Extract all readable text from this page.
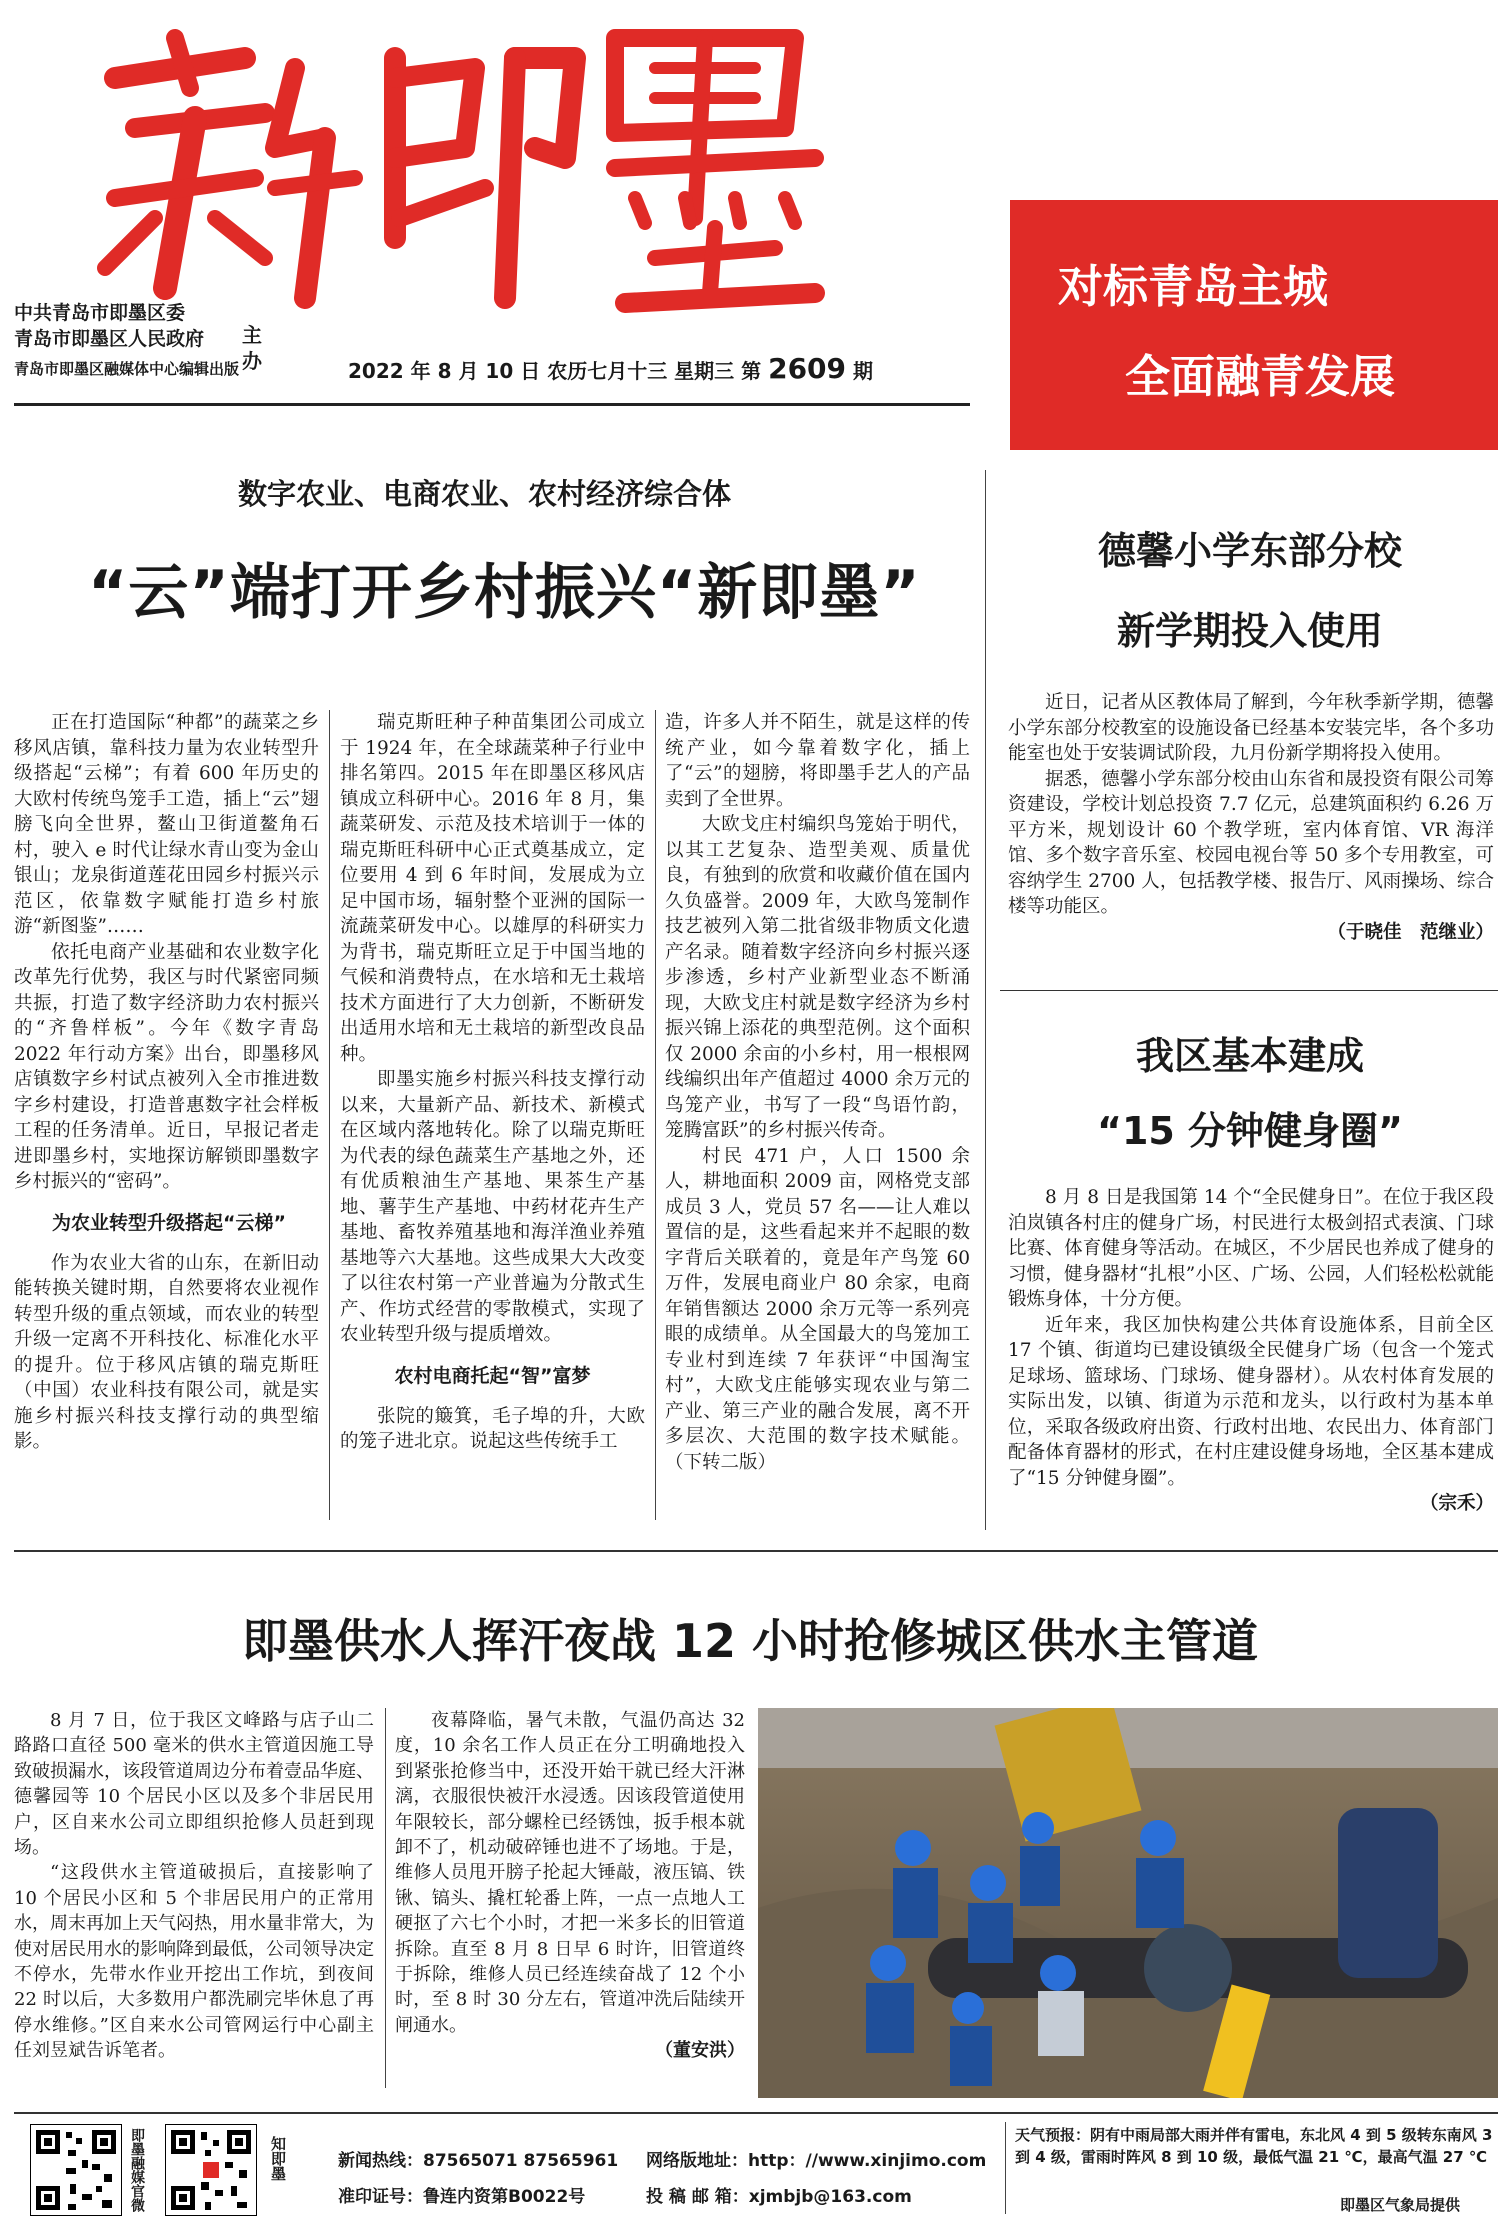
中共青岛市即墨区委
青岛市即墨区人民政府	主办
青岛市即墨区融媒体中心编辑出版	2022 年 8 月 10 日 农历七月十三 星期三 第 2609 期
对标青岛主城
全面融青发展
数字农业、电商农业、农村经济综合体
“云”端打开乡村振兴“新即墨”

正在打造国际“种都”的蔬菜之乡移风店镇，靠科技力量为农业转型升级搭起“云梯”；有着 600 年历史的大欧村传统鸟笼手工造，插上“云”翅膀飞向全世界，鳌山卫街道鳌角石村，驶入 e 时代让绿水青山变为金山银山；龙泉街道莲花田园乡村振兴示范区，依靠数字赋能打造乡村旅游“新图鉴”……

依托电商产业基础和农业数字化改革先行优势，我区与时代紧密同频共振，打造了数字经济助力农村振兴的“齐鲁样板”。今年《数字青岛 2022 年行动方案》出台，即墨移风店镇数字乡村试点被列入全市推进数字乡村建设，打造普惠数字社会样板工程的任务清单。近日，早报记者走进即墨乡村，实地探访解锁即墨数字乡村振兴的“密码”。

为农业转型升级搭起“云梯”

作为农业大省的山东，在新旧动能转换关键时期，自然要将农业视作转型升级的重点领域，而农业的转型升级一定离不开科技化、标准化水平的提升。位于移风店镇的瑞克斯旺（中国）农业科技有限公司，就是实施乡村振兴科技支撑行动的典型缩影。

瑞克斯旺种子种苗集团公司成立于 1924 年，在全球蔬菜种子行业中排名第四。2015 年在即墨区移风店镇成立科研中心。2016 年 8 月，集蔬菜研发、示范及技术培训于一体的瑞克斯旺科研中心正式奠基成立，定位要用 4 到 6 年时间，发展成为立足中国市场，辐射整个亚洲的国际一流蔬菜研发中心。以雄厚的科研实力为背书，瑞克斯旺立足于中国当地的气候和消费特点，在水培和无土栽培技术方面进行了大力创新，不断研发出适用水培和无土栽培的新型改良品种。

即墨实施乡村振兴科技支撑行动以来，大量新产品、新技术、新模式在区域内落地转化。除了以瑞克斯旺为代表的绿色蔬菜生产基地之外，还有优质粮油生产基地、果茶生产基地、薯芋生产基地、中药材花卉生产基地、畜牧养殖基地和海洋渔业养殖基地等六大基地。这些成果大大改变了以往农村第一产业普遍为分散式生产、作坊式经营的零散模式，实现了农业转型升级与提质增效。

农村电商托起“智”富梦

张院的簸箕，毛子埠的升，大欧的笼子进北京。说起这些传统手工

造，许多人并不陌生，就是这样的传统产业，如今靠着数字化，插上了“云”的翅膀，将即墨手艺人的产品卖到了全世界。

大欧戈庄村编织鸟笼始于明代，以其工艺复杂、造型美观、质量优良，有独到的欣赏和收藏价值在国内久负盛誉。2009 年，大欧鸟笼制作技艺被列入第二批省级非物质文化遗产名录。随着数字经济向乡村振兴逐步渗透，乡村产业新型业态不断涌现，大欧戈庄村就是数字经济为乡村振兴锦上添花的典型范例。这个面积仅 2000 余亩的小乡村，用一根根网线编织出年产值超过 4000 余万元的鸟笼产业，书写了一段“鸟语竹韵，笼腾富跃”的乡村振兴传奇。

村民 471 户，人口 1500 余人，耕地面积 2009 亩，网格党支部成员 3 人，党员 57 名——让人难以置信的是，这些看起来并不起眼的数字背后关联着的，竟是年产鸟笼 60 万件，发展电商业户 80 余家，电商年销售额达 2000 余万元等一系列亮眼的成绩单。从全国最大的鸟笼加工专业村到连续 7 年获评“中国淘宝村”，大欧戈庄能够实现农业与第二产业、第三产业的融合发展，离不开多层次、大范围的数字技术赋能。（下转二版）

德馨小学东部分校
新学期投入使用

近日，记者从区教体局了解到，今年秋季新学期，德馨小学东部分校教室的设施设备已经基本安装完毕，各个多功能室也处于安装调试阶段，九月份新学期将投入使用。

据悉，德馨小学东部分校由山东省和晟投资有限公司筹资建设，学校计划总投资 7.7 亿元，总建筑面积约 6.26 万平方米，规划设计 60 个教学班，室内体育馆、VR 海洋馆、多个数字音乐室、校园电视台等 50 多个专用教室，可容纳学生 2700 人，包括教学楼、报告厅、风雨操场、综合楼等功能区。

（于晓佳　范继业）

我区基本建成
“15 分钟健身圈”

8 月 8 日是我国第 14 个“全民健身日”。在位于我区段泊岚镇各村庄的健身广场，村民进行太极剑招式表演、门球比赛、体育健身等活动。在城区，不少居民也养成了健身的习惯，健身器材“扎根”小区、广场、公园，人们轻松松就能锻炼身体，十分方便。

近年来，我区加快构建公共体育设施体系，目前全区 17 个镇、街道均已建设镇级全民健身广场（包含一个笼式足球场、篮球场、门球场、健身器材）。从农村体育发展的实际出发，以镇、街道为示范和龙头，以行政村为基本单位，采取各级政府出资、行政村出地、农民出力、体育部门配备体育器材的形式，在村庄建设健身场地，全区基本建成了“15 分钟健身圈”。

（宗禾）

即墨供水人挥汗夜战 12 小时抢修城区供水主管道

8 月 7 日，位于我区文峰路与店子山二路路口直径 500 毫米的供水主管道因施工导致破损漏水，该段管道周边分布着壹品华庭、德馨园等 10 个居民小区以及多个非居民用户，区自来水公司立即组织抢修人员赶到现场。

“这段供水主管道破损后，直接影响了 10 个居民小区和 5 个非居民用户的正常用水，周末再加上天气闷热，用水量非常大，为使对居民用水的影响降到最低，公司领导决定不停水，先带水作业开挖出工作坑，到夜间 22 时以后，大多数用户都洗刷完毕休息了再停水维修。”区自来水公司管网运行中心副主任刘昱斌告诉笔者。

夜幕降临，暑气未散，气温仍高达 32 度，10 余名工作人员正在分工明确地投入到紧张抢修当中，还没开始干就已经大汗淋漓，衣服很快被汗水浸透。因该段管道使用年限较长，部分螺栓已经锈蚀，扳手根本就卸不了，机动破碎锤也进不了场地。于是，维修人员甩开膀子抡起大锤敲，液压镐、铁锹、镐头、撬杠轮番上阵，一点一点地人工硬抠了六七个小时，才把一米多长的旧管道拆除。直至 8 月 8 日早 6 时许，旧管道终于拆除，维修人员已经连续奋战了 12 个小时，至 8 时 30 分左右，管道冲洗后陆续开闸通水。

（董安洪）

即墨融媒官微	知即墨	新闻热线：87565071 87565961
准印证号：鲁连内资第B0022号
网络版地址：http：//www.xinjimo.com
投 稿 邮 箱：xjmbjb@163.com
天气预报：阴有中雨局部大雨并伴有雷电，东北风 4 到 5 级转东南风 3 到 4 级，雷雨时阵风 8 到 10 级，最低气温 21 ℃，最高气温 27 ℃
即墨区气象局提供
